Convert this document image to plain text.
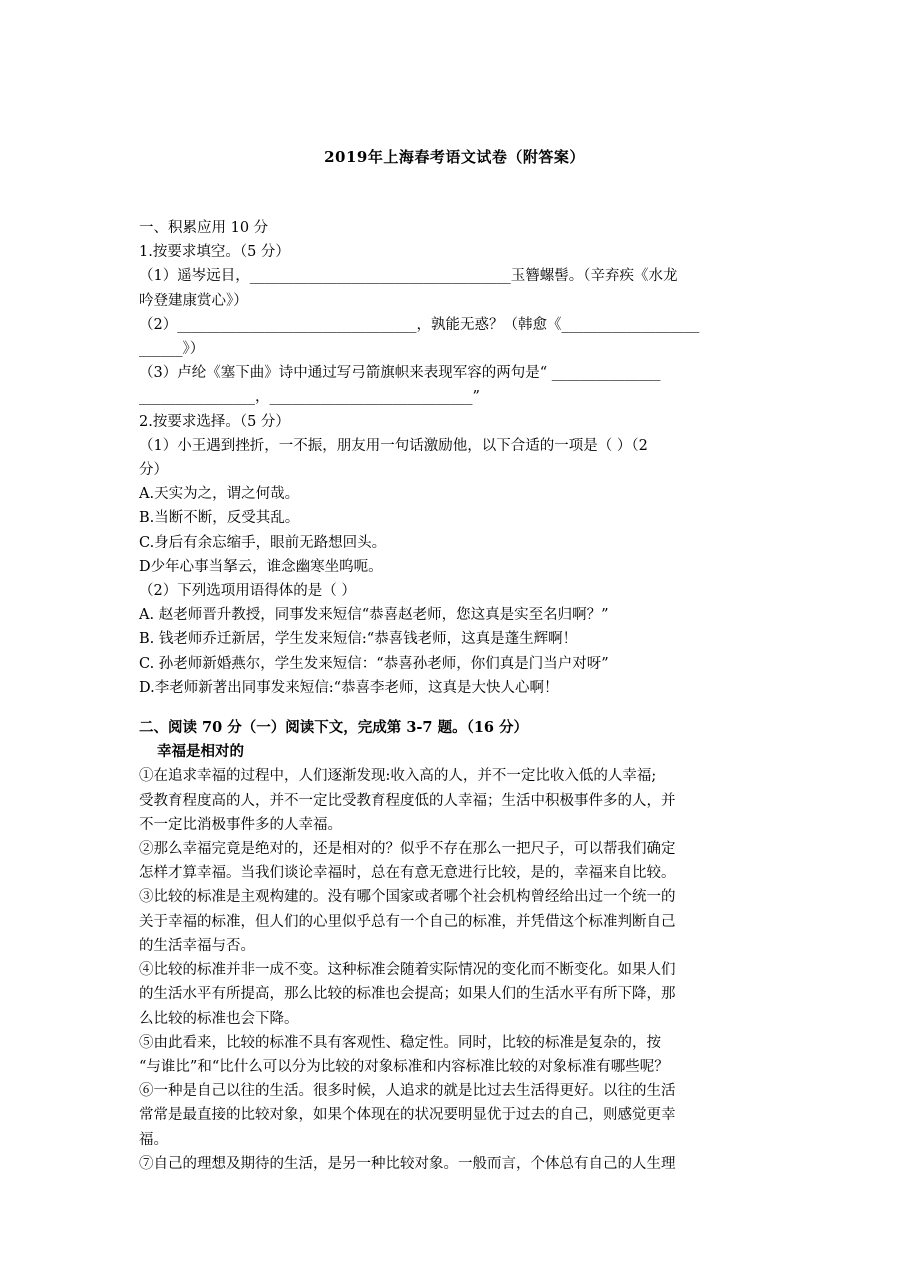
2019年上海春考语文试卷（附答案）
一、积累应用 10 分
1.按要求填空。（5 分）
（1）遥岑远目，____________________________________玉簪螺髻。（辛弃疾《水龙
吟登建康赏心》）
（2）_________________________________，孰能无惑？（韩愈《___________________
______》）
（3）卢纶《塞下曲》诗中通过写弓箭旗帜来表现军容的两句是“ _______________
________________，____________________________”
2.按要求选择。（5 分）
（1）小王遇到挫折，一不振，朋友用一句话激励他，以下合适的一项是（ ）（2
分）
A.天实为之，谓之何哉。
B.当断不断，反受其乱。
C.身后有余忘缩手，眼前无路想回头。
D少年心事当拏云，谁念幽寒坐呜呃。
（2）下列选项用语得体的是（ ）
A. 赵老师晋升教授，同事发来短信“恭喜赵老师，您这真是实至名归啊？”
B. 钱老师乔迁新居，学生发来短信:“恭喜钱老师，这真是蓬生辉啊！
C. 孙老师新婚燕尔，学生发来短信：“恭喜孙老师，你们真是门当户对呀”
D.李老师新著出同事发来短信:“恭喜李老师，这真是大快人心啊！
二、阅读 70 分（一）阅读下文，完成第 3-7 题。（16 分）
幸福是相对的
①在追求幸福的过程中，人们逐渐发现:收入高的人，并不一定比收入低的人幸福;
受教育程度高的人，并不一定比受教育程度低的人幸福；生活中积极事件多的人，并
不一定比消极事件多的人幸福。
②那么幸福完竟是绝对的，还是相对的？似乎不存在那么一把尺子，可以帮我们确定
怎样才算幸福。当我们谈论幸福时，总在有意无意进行比较，是的，幸福来自比较。
③比较的标准是主观构建的。没有哪个国家或者哪个社会机构曾经给出过一个统一的
关于幸福的标准，但人们的心里似乎总有一个自己的标准，并凭借这个标准判断自己
的生活幸福与否。
④比较的标准并非一成不变。这种标准会随着实际情况的变化而不断变化。如果人们
的生活水平有所提高，那么比较的标准也会提高；如果人们的生活水平有所下降，那
么比较的标准也会下降。
⑤由此看来，比较的标准不具有客观性、稳定性。同时，比较的标准是复杂的，按
“与谁比”和“比什么可以分为比较的对象标准和内容标准比较的对象标准有哪些呢？
⑥一种是自己以往的生活。很多时候，人追求的就是比过去生活得更好。以往的生活
常常是最直接的比较对象，如果个体现在的状况要明显优于过去的自己，则感觉更幸
福。
⑦自己的理想及期待的生活，是另一种比较对象。一般而言，个体总有自己的人生理
